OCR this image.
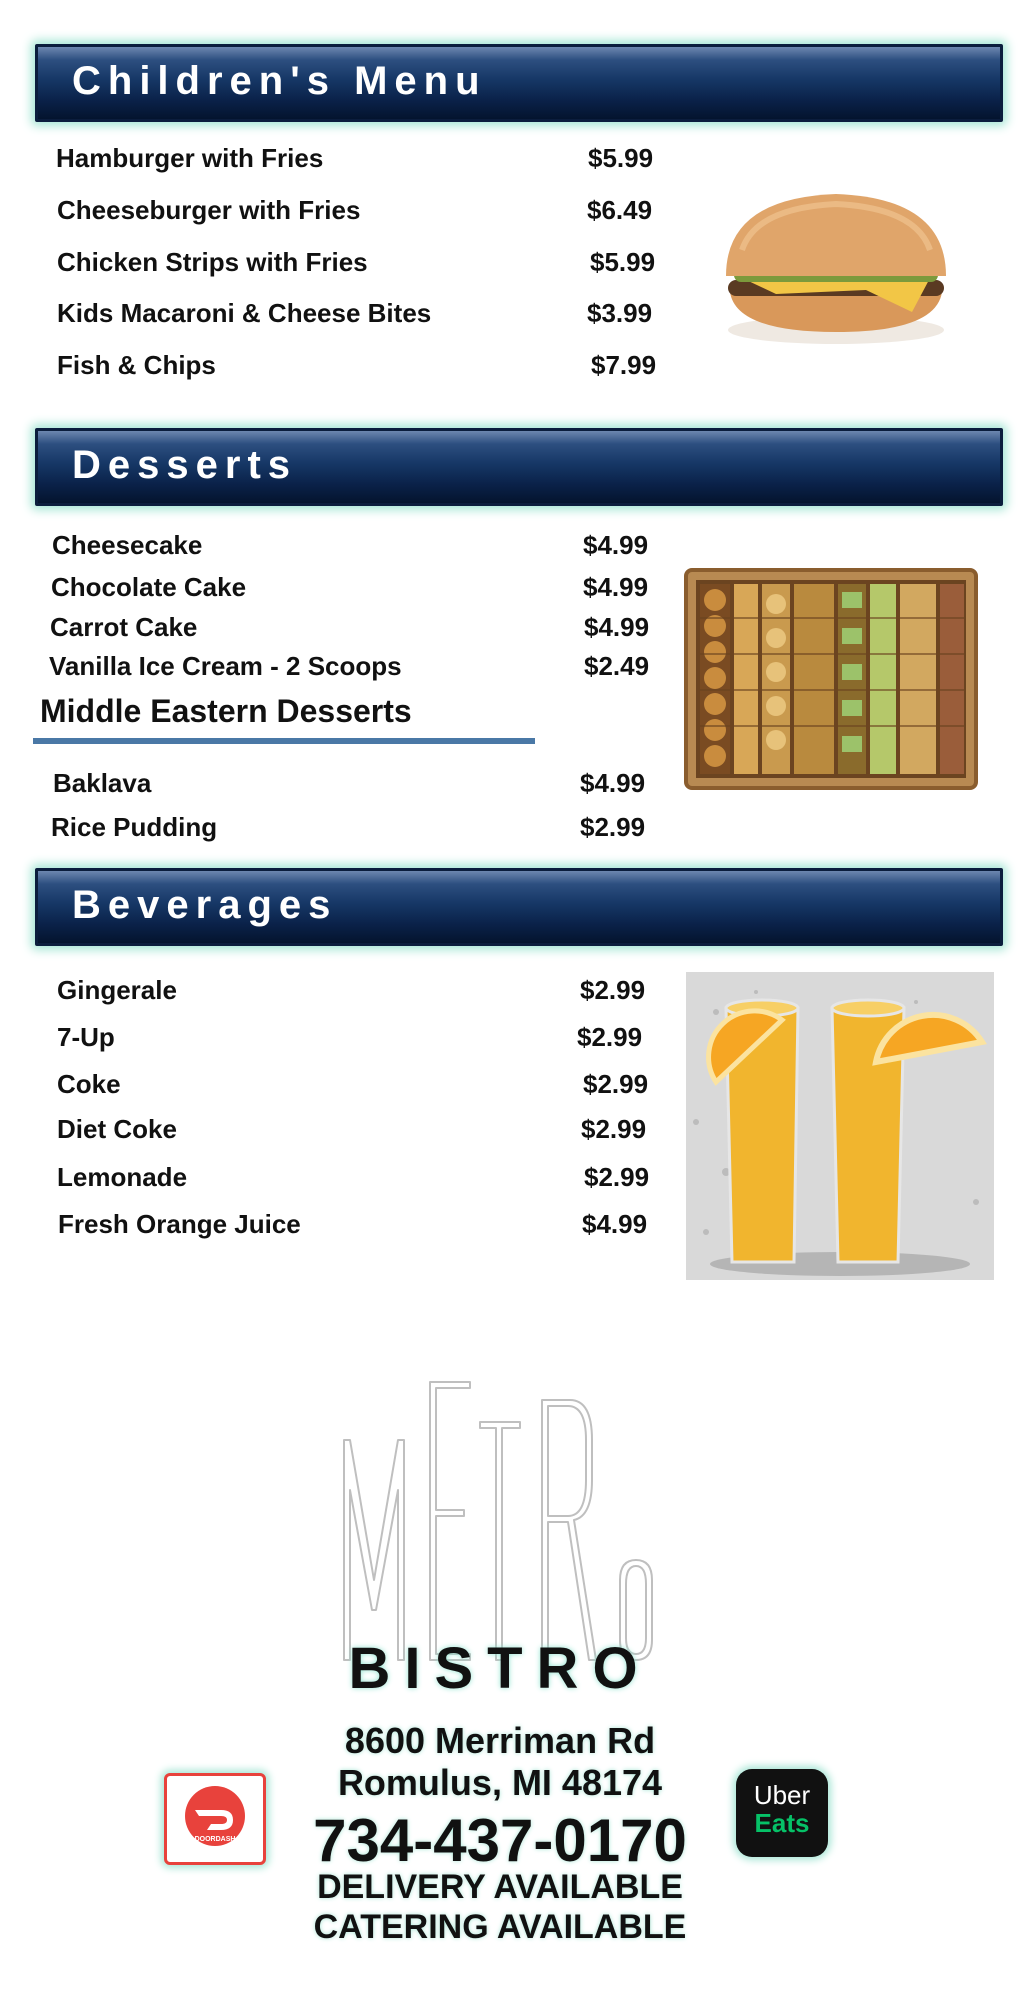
Children's Menu
Hamburger with Fries	$5.99
Cheeseburger with Fries	$6.49
Chicken Strips with Fries	$5.99
Kids Macaroni & Cheese Bites	$3.99
Fish & Chips	$7.99
Desserts
Cheesecake	$4.99
Chocolate Cake	$4.99
Carrot Cake	$4.99
Vanilla Ice Cream - 2 Scoops	$2.49
Middle Eastern Desserts
Baklava	$4.99
Rice Pudding	$2.99
Beverages
Gingerale	$2.99
7-Up	$2.99
Coke	$2.99
Diet Coke	$2.99
Lemonade	$2.99
Fresh Orange Juice	$4.99
BISTRO
8600 Merriman Rd
Romulus, MI 48174
734-437-0170
DELIVERY AVAILABLE
CATERING AVAILABLE
DOORDASH
Uber
Eats
